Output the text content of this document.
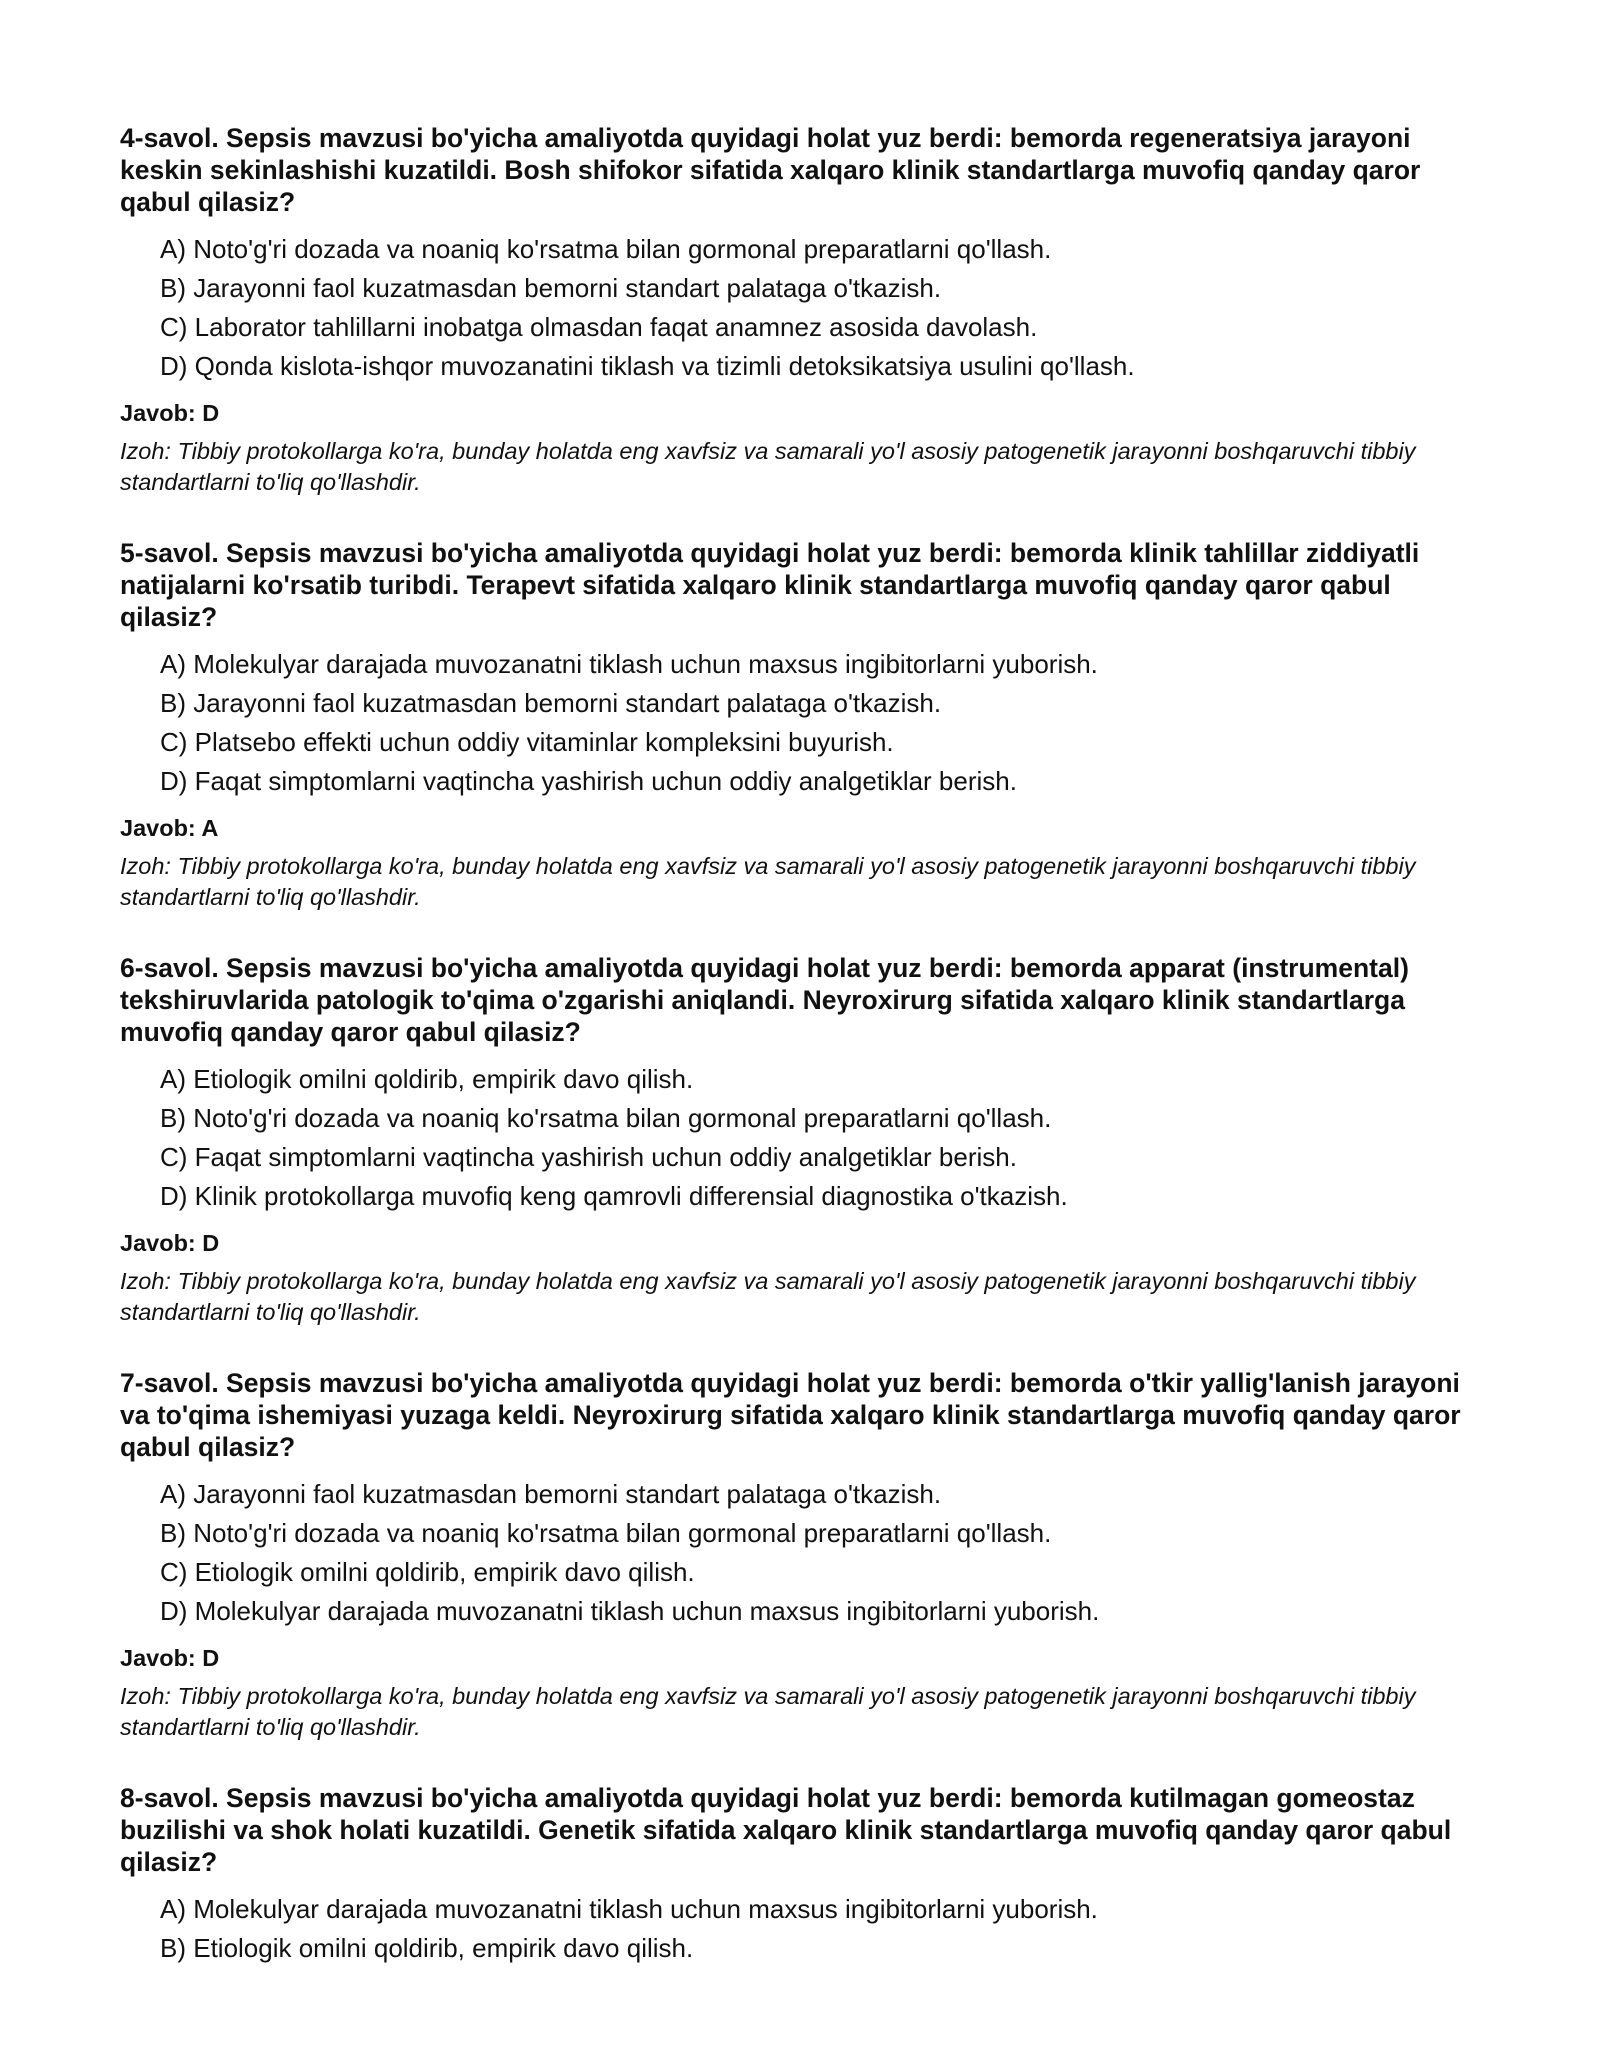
4-savol. Sepsis mavzusi bo'yicha amaliyotda quyidagi holat yuz berdi: bemorda regeneratsiya jarayoni keskin sekinlashishi kuzatildi. Bosh shifokor sifatida xalqaro klinik standartlarga muvofiq qanday qaror qabul qilasiz?
A) Noto'g'ri dozada va noaniq ko'rsatma bilan gormonal preparatlarni qo'llash.
B) Jarayonni faol kuzatmasdan bemorni standart palataga o'tkazish.
C) Laborator tahlillarni inobatga olmasdan faqat anamnez asosida davolash.
D) Qonda kislota-ishqor muvozanatini tiklash va tizimli detoksikatsiya usulini qo'llash.
Javob: D

Izoh: Tibbiy protokollarga ko'ra, bunday holatda eng xavfsiz va samarali yo'l asosiy patogenetik jarayonni boshqaruvchi tibbiy standartlarni to'liq qo'llashdir.

5-savol. Sepsis mavzusi bo'yicha amaliyotda quyidagi holat yuz berdi: bemorda klinik tahlillar ziddiyatli natijalarni ko'rsatib turibdi. Terapevt sifatida xalqaro klinik standartlarga muvofiq qanday qaror qabul qilasiz?
A) Molekulyar darajada muvozanatni tiklash uchun maxsus ingibitorlarni yuborish.
B) Jarayonni faol kuzatmasdan bemorni standart palataga o'tkazish.
C) Platsebo effekti uchun oddiy vitaminlar kompleksini buyurish.
D) Faqat simptomlarni vaqtincha yashirish uchun oddiy analgetiklar berish.
Javob: A

Izoh: Tibbiy protokollarga ko'ra, bunday holatda eng xavfsiz va samarali yo'l asosiy patogenetik jarayonni boshqaruvchi tibbiy standartlarni to'liq qo'llashdir.

6-savol. Sepsis mavzusi bo'yicha amaliyotda quyidagi holat yuz berdi: bemorda apparat (instrumental) tekshiruvlarida patologik to'qima o'zgarishi aniqlandi. Neyroxirurg sifatida xalqaro klinik standartlarga muvofiq qanday qaror qabul qilasiz?
A) Etiologik omilni qoldirib, empirik davo qilish.
B) Noto'g'ri dozada va noaniq ko'rsatma bilan gormonal preparatlarni qo'llash.
C) Faqat simptomlarni vaqtincha yashirish uchun oddiy analgetiklar berish.
D) Klinik protokollarga muvofiq keng qamrovli differensial diagnostika o'tkazish.
Javob: D

Izoh: Tibbiy protokollarga ko'ra, bunday holatda eng xavfsiz va samarali yo'l asosiy patogenetik jarayonni boshqaruvchi tibbiy standartlarni to'liq qo'llashdir.

7-savol. Sepsis mavzusi bo'yicha amaliyotda quyidagi holat yuz berdi: bemorda o'tkir yallig'lanish jarayoni va to'qima ishemiyasi yuzaga keldi. Neyroxirurg sifatida xalqaro klinik standartlarga muvofiq qanday qaror qabul qilasiz?
A) Jarayonni faol kuzatmasdan bemorni standart palataga o'tkazish.
B) Noto'g'ri dozada va noaniq ko'rsatma bilan gormonal preparatlarni qo'llash.
C) Etiologik omilni qoldirib, empirik davo qilish.
D) Molekulyar darajada muvozanatni tiklash uchun maxsus ingibitorlarni yuborish.
Javob: D

Izoh: Tibbiy protokollarga ko'ra, bunday holatda eng xavfsiz va samarali yo'l asosiy patogenetik jarayonni boshqaruvchi tibbiy standartlarni to'liq qo'llashdir.

8-savol. Sepsis mavzusi bo'yicha amaliyotda quyidagi holat yuz berdi: bemorda kutilmagan gomeostaz buzilishi va shok holati kuzatildi. Genetik sifatida xalqaro klinik standartlarga muvofiq qanday qaror qabul qilasiz?
A) Molekulyar darajada muvozanatni tiklash uchun maxsus ingibitorlarni yuborish.
B) Etiologik omilni qoldirib, empirik davo qilish.
